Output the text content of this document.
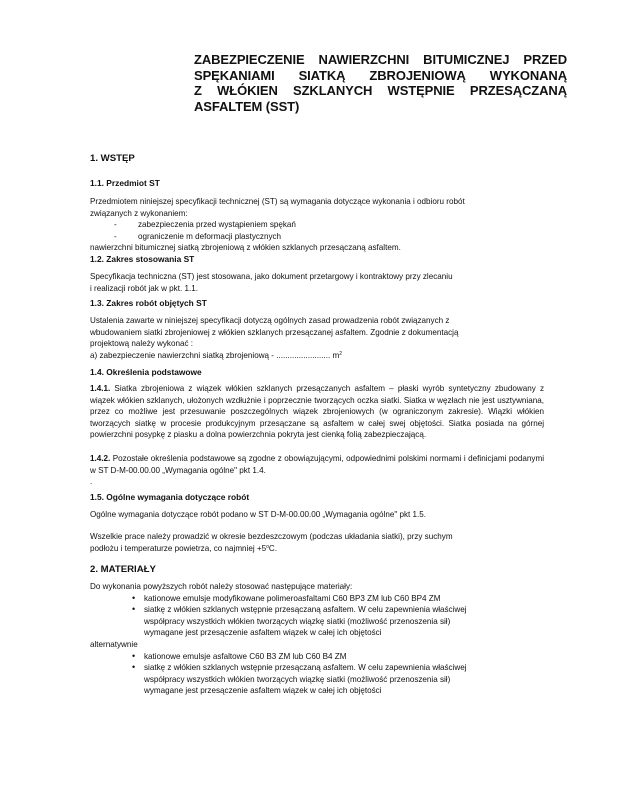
ZABEZPIECZENIE NAWIERZCHNI BITUMICZNEJ PRZED
SPĘKANIAMI SIATKĄ ZBROJENIOWĄ WYKONANĄ
Z WŁÓKIEN SZKLANYCH WSTĘPNIE PRZESĄCZANĄ
ASFALTEM (SST)
1. WSTĘP
1.1. Przedmiot ST
Przedmiotem niniejszej specyfikacji technicznej (ST) są wymagania dotyczące wykonania i odbioru robót
związanych z wykonaniem:
-	zabezpieczenia przed wystąpieniem spękań
-	ograniczenie m deformacji plastycznych
nawierzchni bitumicznej siatką zbrojeniową z włókien szklanych przesączaną asfaltem.
1.2. Zakres stosowania ST
Specyfikacja techniczna (ST) jest stosowana, jako dokument przetargowy i kontraktowy przy zlecaniu
i realizacji robót jak w pkt. 1.1.
1.3. Zakres robót objętych ST
Ustalenia zawarte w niniejszej specyfikacji dotyczą ogólnych zasad prowadzenia robót związanych z
wbudowaniem siatki zbrojeniowej z włókien szklanych przesączanej asfaltem. Zgodnie z dokumentacją
projektową należy wykonać :
a) zabezpieczenie nawierzchni siatką zbrojeniową - ........................ $m^2$
1.4. Określenia podstawowe
1.4.1. Siatka zbrojeniowa z wiązek włókien szklanych przesączanych asfaltem – płaski wyrób syntetyczny zbudowany z wiązek włókien szklanych, ułożonych wzdłużnie i poprzecznie tworzących oczka siatki. Siatka w węzłach nie jest usztywniana, przez co możliwe jest przesuwanie poszczególnych wiązek zbrojeniowych (w ograniczonym zakresie). Wiązki włókien tworzących siatkę w procesie produkcyjnym przesączane są asfaltem w całej swej objętości. Siatka posiada na górnej powierzchni posypkę z piasku a dolna powierzchnia pokryta jest cienką folią zabezpieczającą.
1.4.2. Pozostałe określenia podstawowe są zgodne z obowiązującymi, odpowiednimi polskimi normami i definicjami podanymi w ST D-M-00.00.00 „Wymagania ogólne" pkt 1.4.
.
1.5. Ogólne wymagania dotyczące robót
Ogólne wymagania dotyczące robót podano w ST D-M-00.00.00 „Wymagania ogólne" pkt 1.5.
Wszelkie prace należy prowadzić w okresie bezdeszczowym (podczas układania siatki), przy suchym
podłożu i temperaturze powietrza, co najmniej $+5^oC$.
2. MATERIAŁY
Do wykonania powyższych robót należy stosować następujące materiały:
• kationowe emulsje modyfikowane polimeroasfaltami C60 BP3 ZM lub C60 BP4 ZM
• siatkę z włókien szklanych wstępnie przesączaną asfaltem. W celu zapewnienia właściwej
współpracy wszystkich włókien tworzących wiązkę siatki (możliwość przenoszenia sił)
wymagane jest przesączenie asfaltem wiązek w całej ich objętości
alternatywnie
• kationowe emulsje asfaltowe C60 B3 ZM lub C60 B4 ZM
• siatkę z włókien szklanych wstępnie przesączaną asfaltem. W celu zapewnienia właściwej
współpracy wszystkich włókien tworzących wiązkę siatki (możliwość przenoszenia sił)
wymagane jest przesączenie asfaltem wiązek w całej ich objętości
